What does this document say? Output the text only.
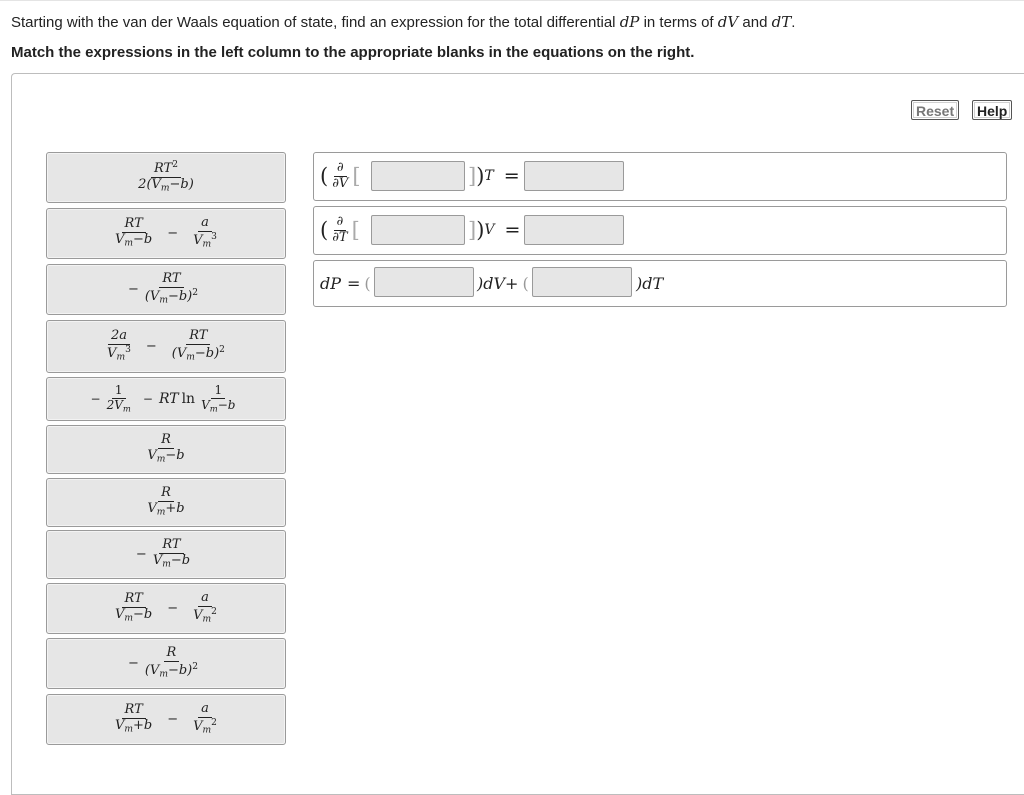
Starting with the van der Waals equation of state, find an expression for the total differential dP in terms of dV and dT.
Match the expressions in the left column to the appropriate blanks in the equations on the right.
Reset	Help
$\frac{RT^2}{2(V_m-b)}$
$\frac{RT}{V_m-b} - \frac{a}{V_m^3}$
− $\frac{RT}{(V_m-b)^2}$
$\frac{2a}{V_m^3} - \frac{RT}{(V_m-b)^2}$
− $\frac{1}{2V_m}$ − RT $\ln \frac{1}{V_m-b}$
$\frac{R}{V_m-b}$
$\frac{R}{V_m+b}$
− $\frac{RT}{V_m-b}$
$\frac{RT}{V_m-b} - \frac{a}{V_m^2}$
− $\frac{R}{(V_m-b)^2}$
$\frac{RT}{V_m+b} - \frac{a}{V_m^2}$
( $\frac{\partial}{\partial V}$ [	] ) T =
( $\frac{\partial}{\partial T}$ [	] ) V =
dP = (	)dV+ (	)dT
